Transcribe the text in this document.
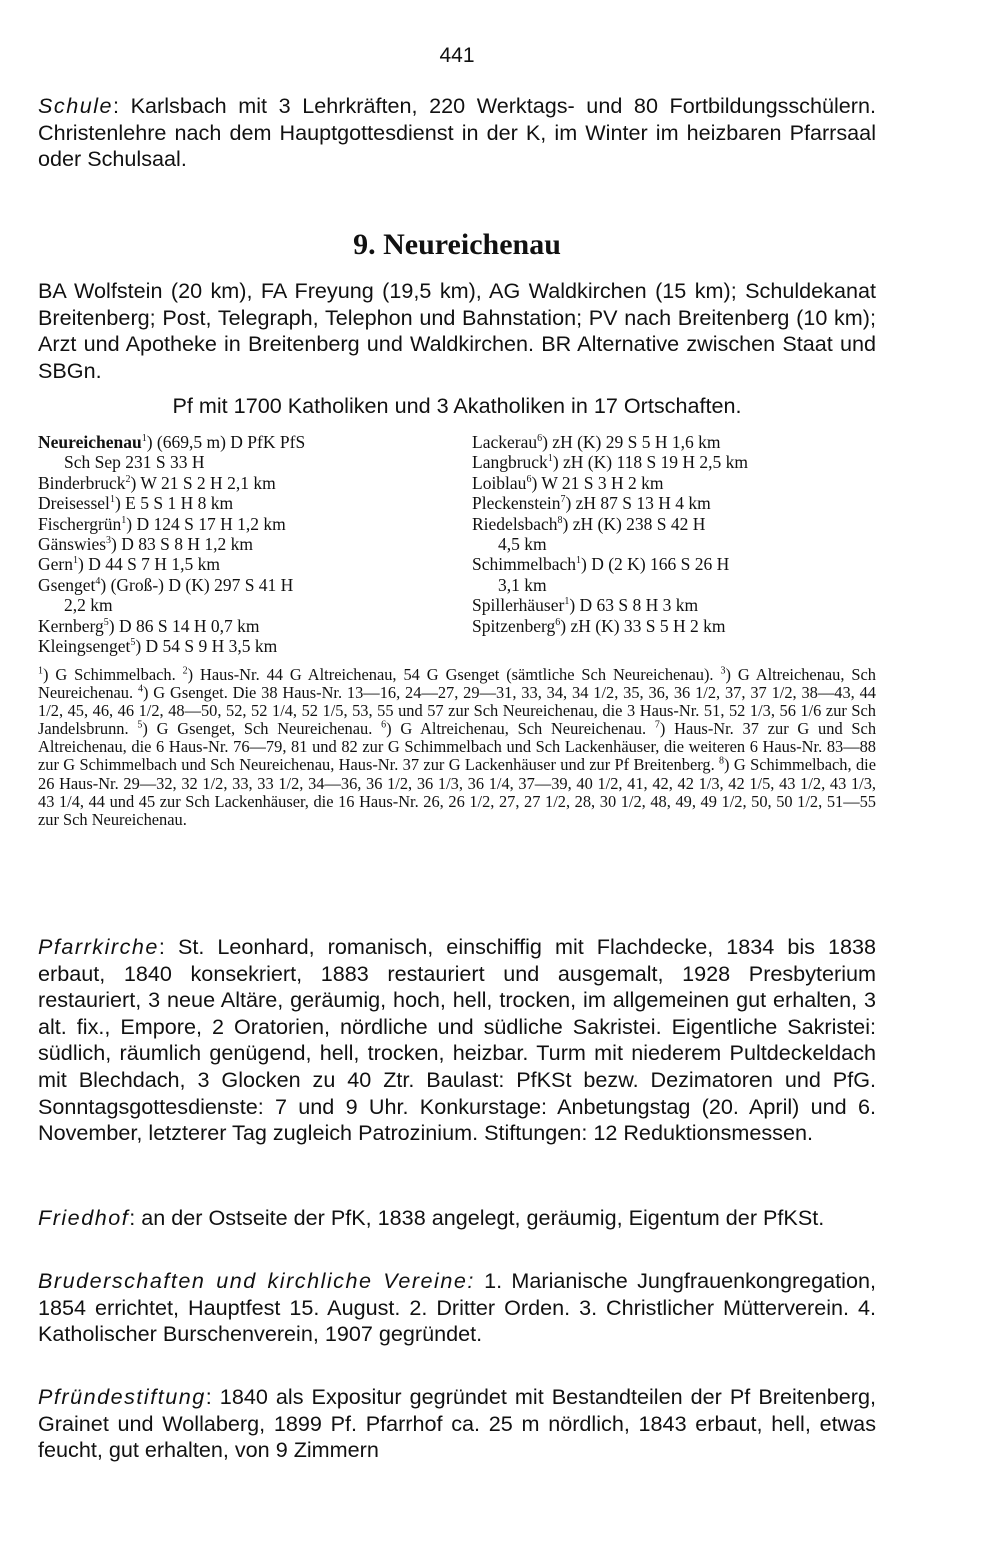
441
Schule: Karlsbach mit 3 Lehrkräften, 220 Werktags- und 80 Fortbildungsschülern. Christenlehre nach dem Hauptgottesdienst in der K, im Winter im heizbaren Pfarrsaal oder Schulsaal.
9. Neureichenau
BA Wolfstein (20 km), FA Freyung (19,5 km), AG Waldkirchen (15 km); Schuldekanat Breitenberg; Post, Telegraph, Telephon und Bahnstation; PV nach Breitenberg (10 km); Arzt und Apotheke in Breitenberg und Waldkirchen. BR Alternative zwischen Staat und SBGn.
Pf mit 1700 Katholiken und 3 Akatholiken in 17 Ortschaften.
Neureichenau$^1$) (669,5 m) D PfK PfS
Sch Sep 231 S 33 H
Binderbruck$^2$) W 21 S 2 H 2,1 km
Dreisessel$^1$) E 5 S 1 H 8 km
Fischergrün$^1$) D 124 S 17 H 1,2 km
Gänswies$^3$) D 83 S 8 H 1,2 km
Gern$^1$) D 44 S 7 H 1,5 km
Gsenget$^4$) (Groß-) D (K) 297 S 41 H
2,2 km
Kernberg$^5$) D 86 S 14 H 0,7 km
Kleingsenget$^5$) D 54 S 9 H 3,5 km
Lackerau$^6$) zH (K) 29 S 5 H 1,6 km
Langbruck$^1$) zH (K) 118 S 19 H 2,5 km
Loiblau$^6$) W 21 S 3 H 2 km
Pleckenstein$^7$) zH 87 S 13 H 4 km
Riedelsbach$^8$) zH (K) 238 S 42 H
4,5 km
Schimmelbach$^1$) D (2 K) 166 S 26 H
3,1 km
Spillerhäuser$^1$) D 63 S 8 H 3 km
Spitzenberg$^6$) zH (K) 33 S 5 H 2 km
$^1$) G Schimmelbach. $^2$) Haus-Nr. 44 G Altreichenau, 54 G Gsenget (sämtliche Sch Neureichenau). $^3$) G Altreichenau, Sch Neureichenau. $^4$) G Gsenget. Die 38 Haus-Nr. 13—16, 24—27, 29—31, 33, 34, 34 1/2, 35, 36, 36 1/2, 37, 37 1/2, 38—43, 44 1/2, 45, 46, 46 1/2, 48—50, 52, 52 1/4, 52 1/5, 53, 55 und 57 zur Sch Neureichenau, die 3 Haus-Nr. 51, 52 1/3, 56 1/6 zur Sch Jandelsbrunn. $^5$) G Gsenget, Sch Neureichenau. $^6$) G Altreichenau, Sch Neureichenau. $^7$) Haus-Nr. 37 zur G und Sch Altreichenau, die 6 Haus-Nr. 76—79, 81 und 82 zur G Schimmelbach und Sch Lackenhäuser, die weiteren 6 Haus-Nr. 83—88 zur G Schimmelbach und Sch Neureichenau, Haus-Nr. 37 zur G Lackenhäuser und zur Pf Breitenberg. $^8$) G Schimmelbach, die 26 Haus-Nr. 29—32, 32 1/2, 33, 33 1/2, 34—36, 36 1/2, 36 1/3, 36 1/4, 37—39, 40 1/2, 41, 42, 42 1/3, 42 1/5, 43 1/2, 43 1/3, 43 1/4, 44 und 45 zur Sch Lackenhäuser, die 16 Haus-Nr. 26, 26 1/2, 27, 27 1/2, 28, 30 1/2, 48, 49, 49 1/2, 50, 50 1/2, 51—55 zur Sch Neureichenau.
Pfarrkirche: St. Leonhard, romanisch, einschiffig mit Flachdecke, 1834 bis 1838 erbaut, 1840 konsekriert, 1883 restauriert und ausgemalt, 1928 Presbyterium restauriert, 3 neue Altäre, geräumig, hoch, hell, trocken, im allgemeinen gut erhalten, 3 alt. fix., Empore, 2 Oratorien, nördliche und südliche Sakristei. Eigentliche Sakristei: südlich, räumlich genügend, hell, trocken, heizbar. Turm mit niederem Pultdeckeldach mit Blechdach, 3 Glocken zu 40 Ztr. Baulast: PfKSt bezw. Dezimatoren und PfG. Sonntagsgottesdienste: 7 und 9 Uhr. Konkurstage: Anbetungstag (20. April) und 6. November, letzterer Tag zugleich Patrozinium. Stiftungen: 12 Reduktionsmessen.
Friedhof: an der Ostseite der PfK, 1838 angelegt, geräumig, Eigentum der PfKSt.
Bruderschaften und kirchliche Vereine: 1. Marianische Jungfrauenkongregation, 1854 errichtet, Hauptfest 15. August. 2. Dritter Orden. 3. Christlicher Mütterverein. 4. Katholischer Burschenverein, 1907 gegründet.
Pfründestiftung: 1840 als Expositur gegründet mit Bestandteilen der Pf Breitenberg, Grainet und Wollaberg, 1899 Pf. Pfarrhof ca. 25 m nördlich, 1843 erbaut, hell, etwas feucht, gut erhalten, von 9 Zimmern
